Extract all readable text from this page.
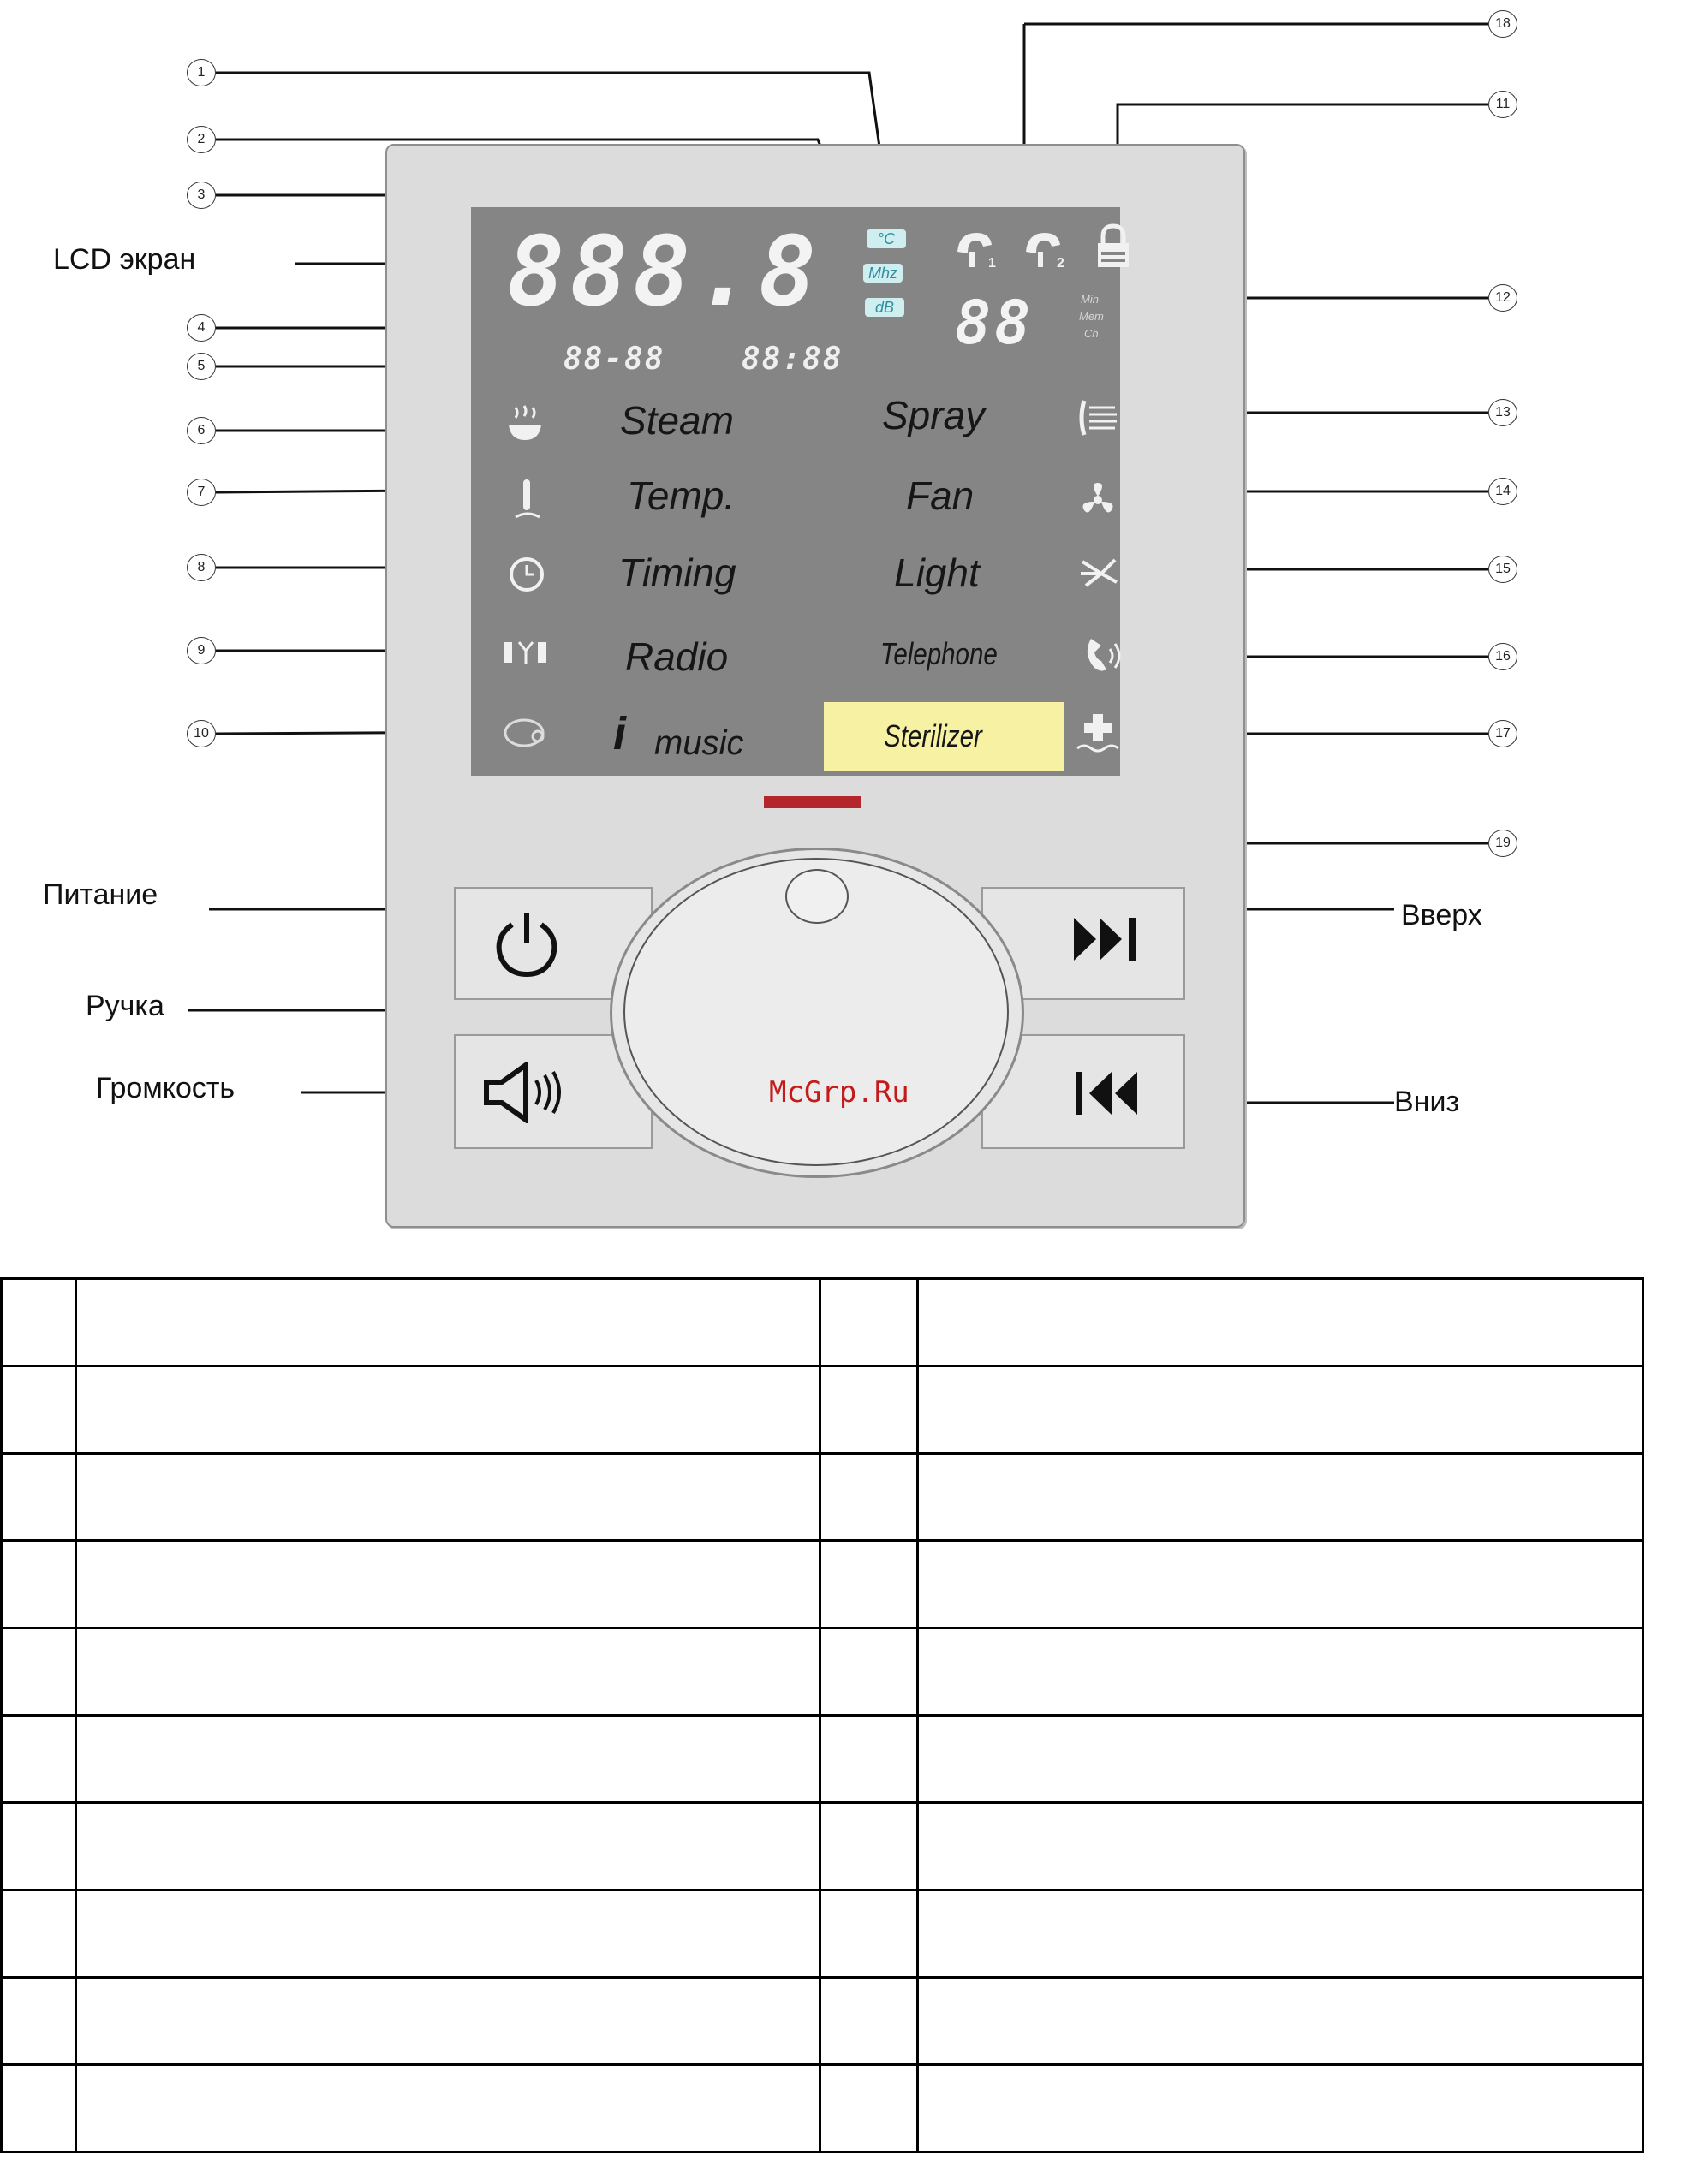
888.8	°C
Mhz
dB
88-88 88:88
88	Min
Mem
Ch
1	2
Steam
Temp.
Timing
Radio
i music
Spray
Fan
Light
Telephone
Sterilizer
McGrp.Ru
LCD экран
Питание
Ручка
Громкость
Вверх
Вниз
1
2
3
4
5
6
7
8
9
10
18
11
12
13
14
15
16
17
19
